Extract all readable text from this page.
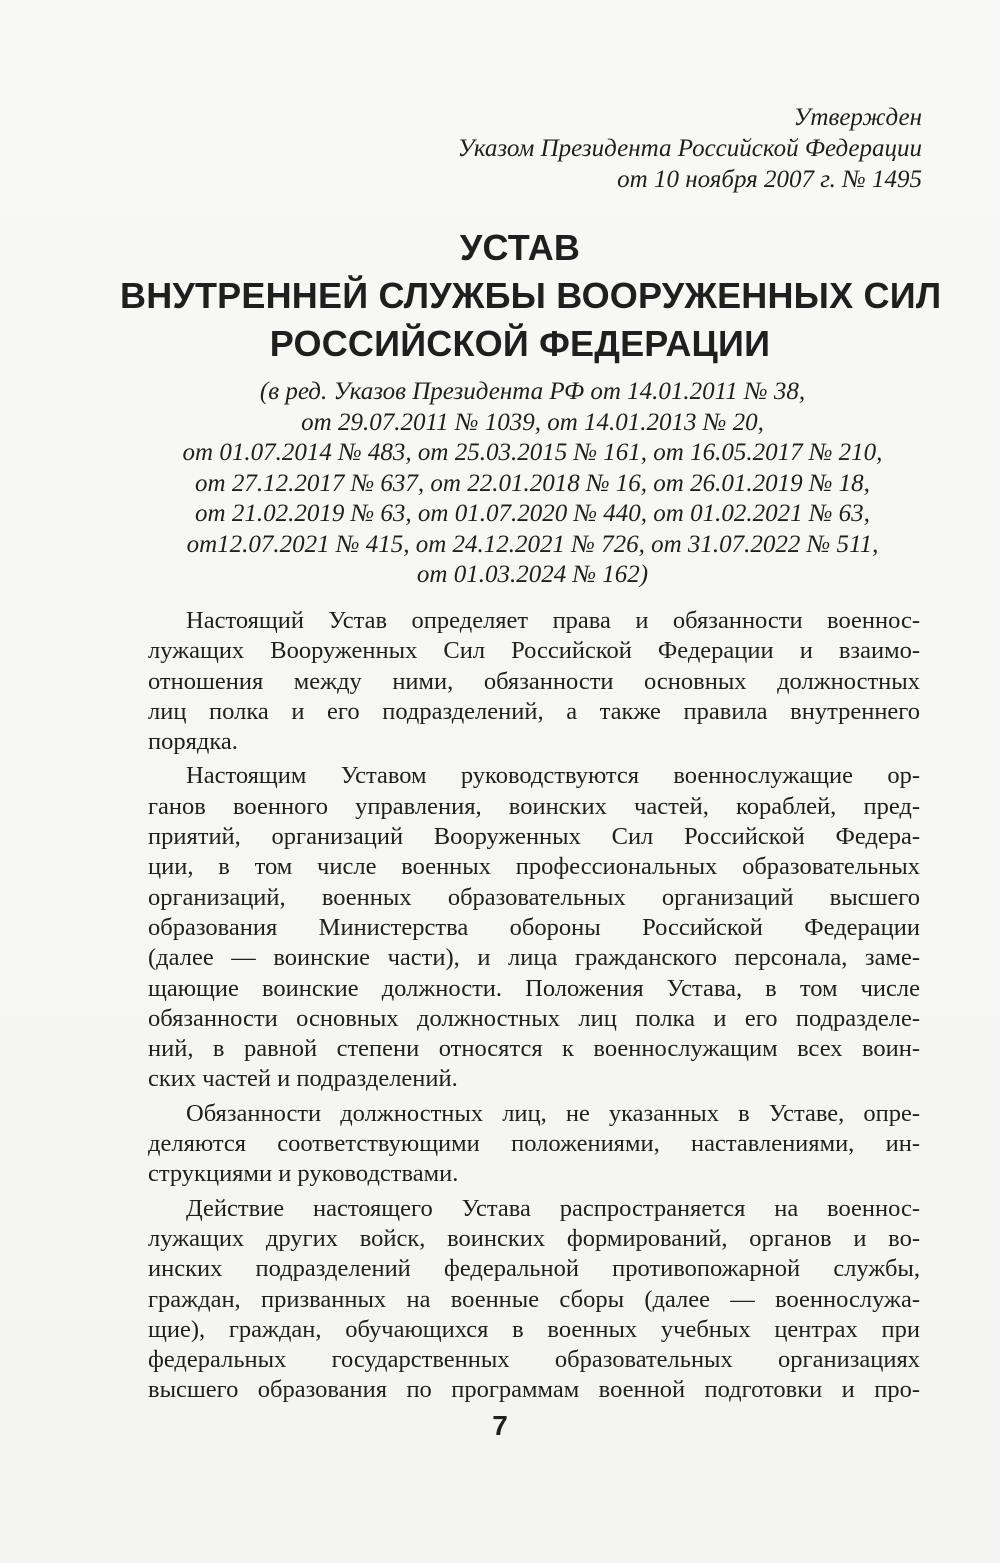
Утвержден
Указом Президента Российской Федерации
от 10 ноября 2007 г. № 1495
УСТАВ
ВНУТРЕННЕЙ СЛУЖБЫ ВООРУЖЕННЫХ СИЛ
РОССИЙСКОЙ ФЕДЕРАЦИИ
(в ред. Указов Президента РФ от 14.01.2011 № 38,
от 29.07.2011 № 1039, от 14.01.2013 № 20,
от 01.07.2014 № 483, от 25.03.2015 № 161, от 16.05.2017 № 210,
от 27.12.2017 № 637, от 22.01.2018 № 16, от 26.01.2019 № 18,
от 21.02.2019 № 63, от 01.07.2020 № 440, от 01.02.2021 № 63,
от12.07.2021 № 415, от 24.12.2021 № 726, от 31.07.2022 № 511,
от 01.03.2024 № 162)
Настоящий Устав определяет права и обязанности военнос-
лужащих Вооруженных Сил Российской Федерации и взаимо-
отношения между ними, обязанности основных должностных
лиц полка и его подразделений, а также правила внутреннего
порядка.
Настоящим Уставом руководствуются военнослужащие ор-
ганов военного управления, воинских частей, кораблей, пред-
приятий, организаций Вооруженных Сил Российской Федера-
ции, в том числе военных профессиональных образовательных
организаций, военных образовательных организаций высшего
образования Министерства обороны Российской Федерации
(далее — воинские части), и лица гражданского персонала, заме-
щающие воинские должности. Положения Устава, в том числе
обязанности основных должностных лиц полка и его подразделе-
ний, в равной степени относятся к военнослужащим всех воин-
ских частей и подразделений.
Обязанности должностных лиц, не указанных в Уставе, опре-
деляются соответствующими положениями, наставлениями, ин-
струкциями и руководствами.
Действие настоящего Устава распространяется на военнос-
лужащих других войск, воинских формирований, органов и во-
инских подразделений федеральной противопожарной службы,
граждан, призванных на военные сборы (далее — военнослужа-
щие), граждан, обучающихся в военных учебных центрах при
федеральных государственных образовательных организациях
высшего образования по программам военной подготовки и про-
7
